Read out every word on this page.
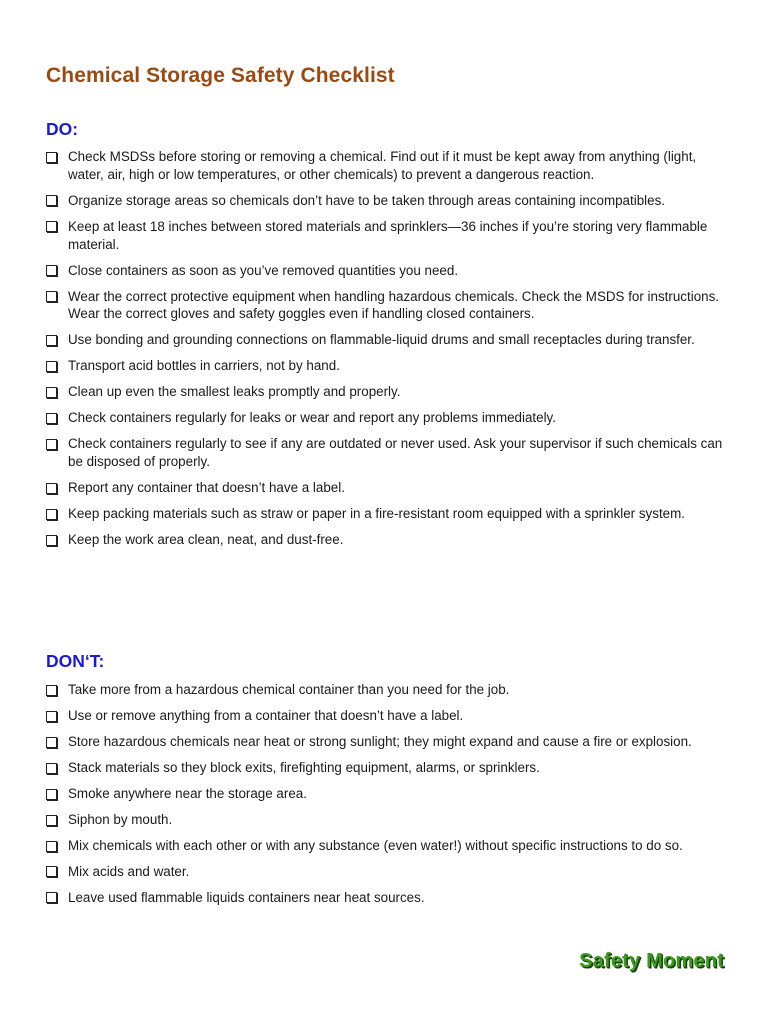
Chemical Storage Safety Checklist
DO:
Check MSDSs before storing or removing a chemical. Find out if it must be kept away from anything (light, water, air, high or low temperatures, or other chemicals) to prevent a dangerous reaction.
Organize storage areas so chemicals don’t have to be taken through areas containing incompatibles.
Keep at least 18 inches between stored materials and sprinklers—36 inches if you’re storing very flammable material.
Close containers as soon as you’ve removed quantities you need.
Wear the correct protective equipment when handling hazardous chemicals. Check the MSDS for instructions. Wear the correct gloves and safety goggles even if handling closed containers.
Use bonding and grounding connections on flammable-liquid drums and small receptacles during transfer.
Transport acid bottles in carriers, not by hand.
Clean up even the smallest leaks promptly and properly.
Check containers regularly for leaks or wear and report any problems immediately.
Check containers regularly to see if any are outdated or never used. Ask your supervisor if such chemicals can be disposed of properly.
Report any container that doesn’t have a label.
Keep packing materials such as straw or paper in a fire-resistant room equipped with a sprinkler system.
Keep the work area clean, neat, and dust-free.
DON‘T:
Take more from a hazardous chemical container than you need for the job.
Use or remove anything from a container that doesn’t have a label.
Store hazardous chemicals near heat or strong sunlight; they might expand and cause a fire or explosion.
Stack materials so they block exits, firefighting equipment, alarms, or sprinklers.
Smoke anywhere near the storage area.
Siphon by mouth.
Mix chemicals with each other or with any substance (even water!) without specific instructions to do so.
Mix acids and water.
Leave used flammable liquids containers near heat sources.
Safety Moment
